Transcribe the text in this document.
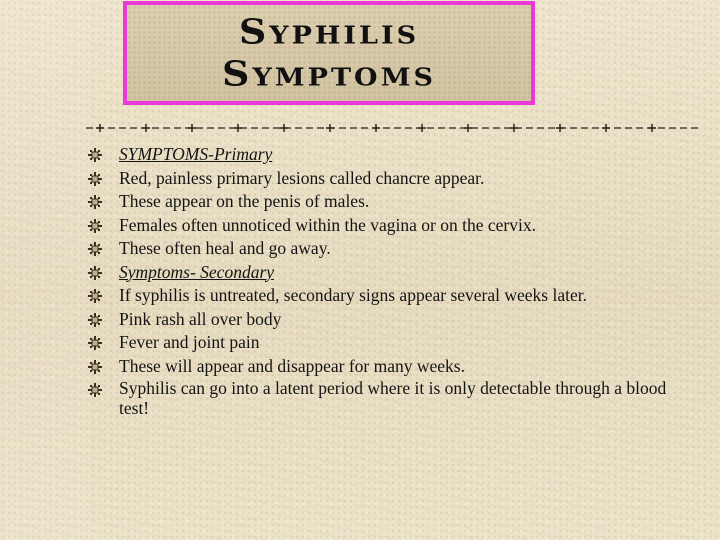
Syphilis
Symptoms
SYMPTOMS-Primary
Red, painless primary lesions called chancre appear.
These appear on the penis of males.
Females often unnoticed within the vagina or on the cervix.
These often heal and go away.
Symptoms- Secondary
If syphilis is untreated, secondary signs appear several weeks later.
Pink rash all over body
Fever and joint pain
These will appear and disappear for many weeks.
Syphilis can go into a latent period where it is only detectable through a blood test!
